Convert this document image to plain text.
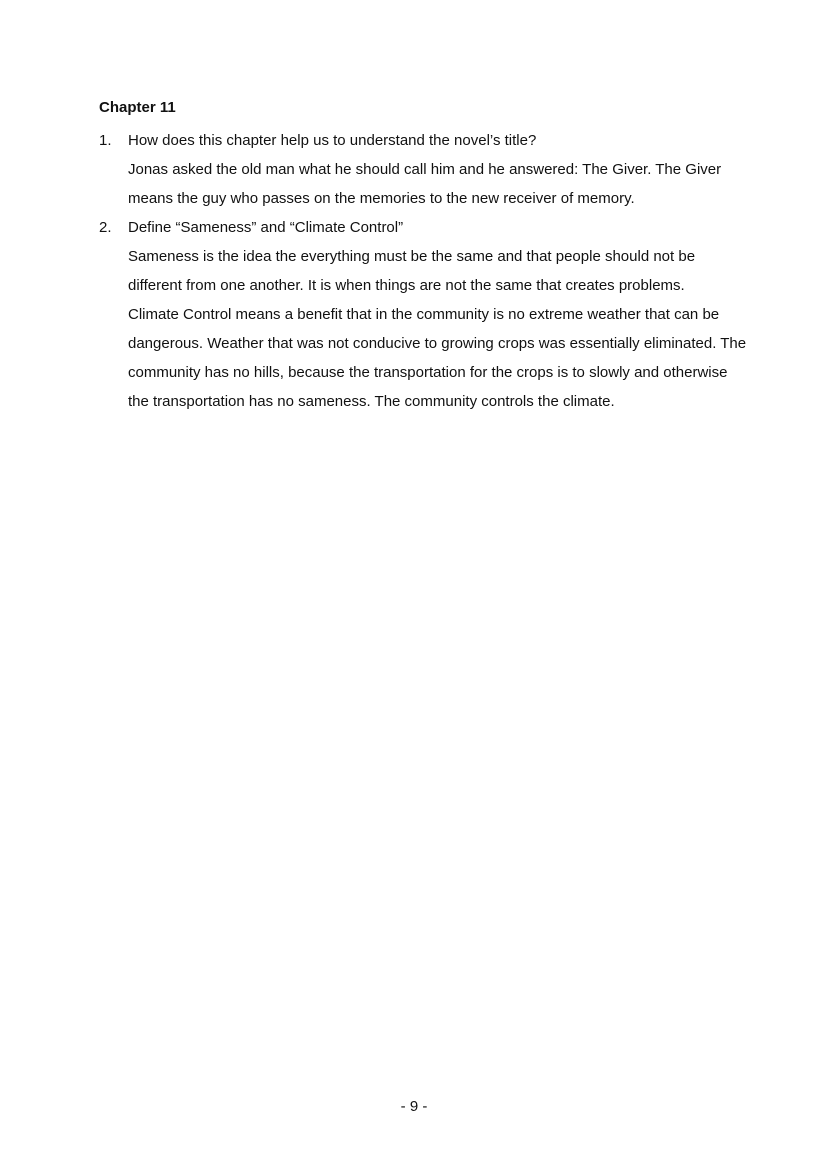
Chapter 11
1.	How does this chapter help us to understand the novel’s title?

Jonas asked the old man what he should call him and he answered: The Giver. The Giver means the guy who passes on the memories to the new receiver of memory.

2.	Define “Sameness” and “Climate Control”

Sameness is the idea the everything must be the same and that people should not be different from one another. It is when things are not the same that creates problems.

Climate Control means a benefit that in the community is no extreme weather that can be dangerous. Weather that was not conducive to growing crops was essentially eliminated. The community has no hills, because the transportation for the crops is to slowly and otherwise the transportation has no sameness. The community controls the climate.

- 9 -
